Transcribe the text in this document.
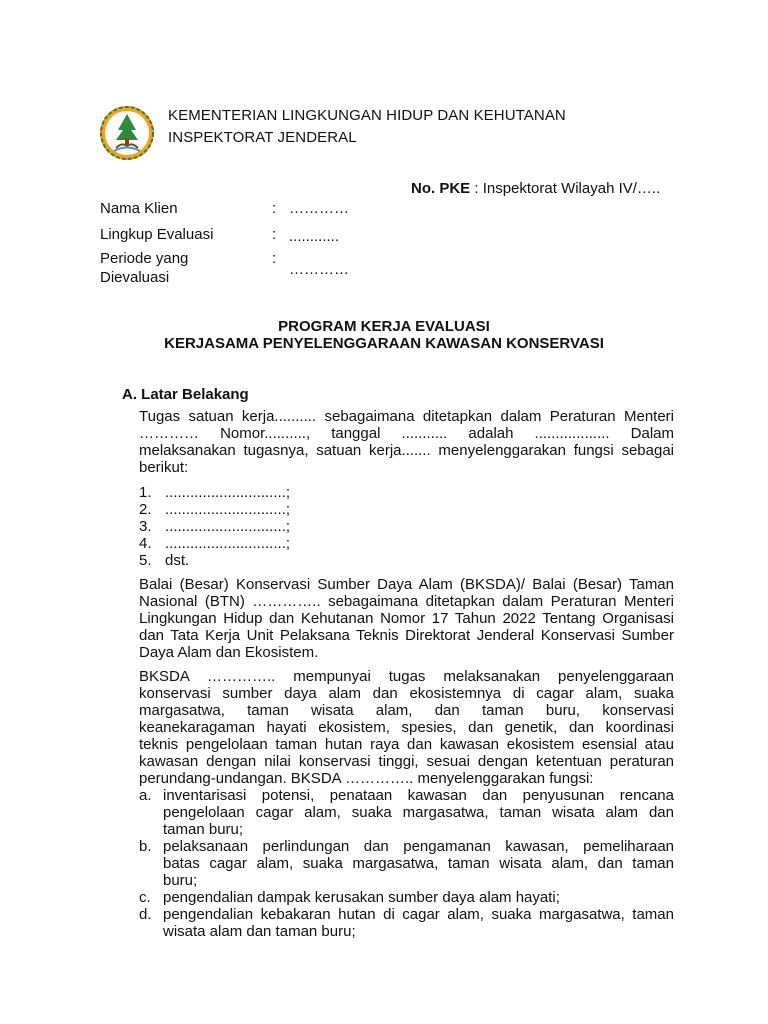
KEMENTERIAN LINGKUNGAN HIDUP DAN KEHUTANAN
INSPEKTORAT JENDERAL
No. PKE : Inspektorat Wilayah IV/…..
Nama Klien	: …………
Lingkup Evaluasi	: ............
Periode yang
Dievaluasi
:
…………
PROGRAM KERJA EVALUASI
KERJASAMA PENYELENGGARAAN KAWASAN KONSERVASI
A. Latar Belakang
Tugas satuan kerja.......... sebagaimana ditetapkan dalam Peraturan Menteri
………… Nomor.........., tanggal ........... adalah .................. Dalam
melaksanakan tugasnya, satuan kerja....... menyelenggarakan fungsi sebagai
berikut:
1. .............................;
2. .............................;
3. .............................;
4. .............................;
5. dst.
Balai (Besar) Konservasi Sumber Daya Alam (BKSDA)/ Balai (Besar) Taman
Nasional (BTN) ………….. sebagaimana ditetapkan dalam Peraturan Menteri
Lingkungan Hidup dan Kehutanan Nomor 17 Tahun 2022 Tentang Organisasi
dan Tata Kerja Unit Pelaksana Teknis Direktorat Jenderal Konservasi Sumber
Daya Alam dan Ekosistem.
BKSDA ………….. mempunyai tugas melaksanakan penyelenggaraan
konservasi sumber daya alam dan ekosistemnya di cagar alam, suaka
margasatwa, taman wisata alam, dan taman buru, konservasi
keanekaragaman hayati ekosistem, spesies, dan genetik, dan koordinasi
teknis pengelolaan taman hutan raya dan kawasan ekosistem esensial atau
kawasan dengan nilai konservasi tinggi, sesuai dengan ketentuan peraturan
perundang-undangan. BKSDA ………….. menyelenggarakan fungsi:
a. inventarisasi potensi, penataan kawasan dan penyusunan rencana
pengelolaan cagar alam, suaka margasatwa, taman wisata alam dan
taman buru;
b. pelaksanaan perlindungan dan pengamanan kawasan, pemeliharaan
batas cagar alam, suaka margasatwa, taman wisata alam, dan taman
buru;
c. pengendalian dampak kerusakan sumber daya alam hayati;
d. pengendalian kebakaran hutan di cagar alam, suaka margasatwa, taman
wisata alam dan taman buru;
